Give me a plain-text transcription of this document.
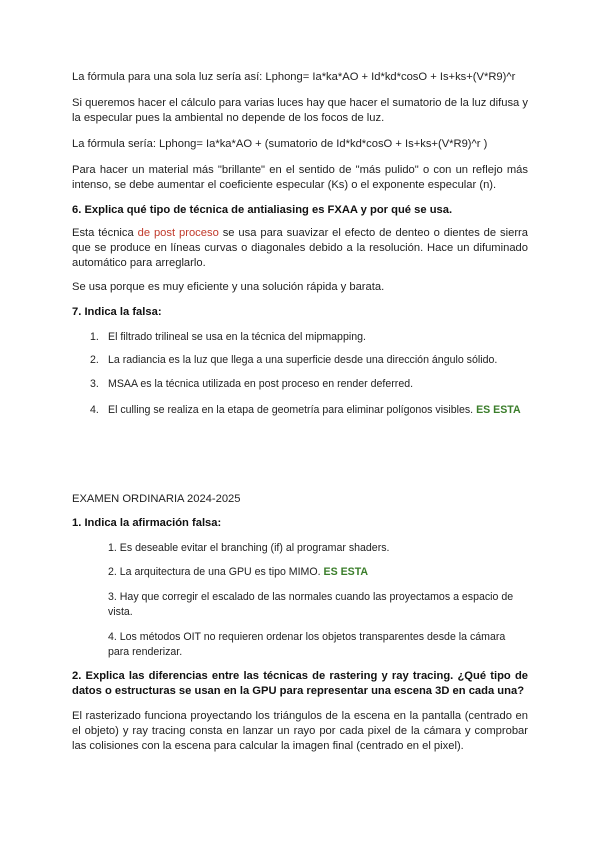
La fórmula para una sola luz sería así: Lphong= Ia*ka*AO + Id*kd*cosO + Is+ks+(V*R9)^r

Si queremos hacer el cálculo para varias luces hay que hacer el sumatorio de la luz difusa y la especular pues la ambiental no depende de los focos de luz.

La fórmula sería: Lphong= Ia*ka*AO + (sumatorio de Id*kd*cosO + Is+ks+(V*R9)^r )

Para hacer un material más "brillante" en el sentido de "más pulido" o con un reflejo más intenso, se debe aumentar el coeficiente especular (Ks) o el exponente especular (n).

6. Explica qué tipo de técnica de antialiasing es FXAA y por qué se usa.

Esta técnica de post proceso se usa para suavizar el efecto de denteo o dientes de sierra que se produce en líneas curvas o diagonales debido a la resolución. Hace un difuminado automático para arreglarlo.

Se usa porque es muy eficiente y una solución rápida y barata.

7. Indica la falsa:

1. El filtrado trilineal se usa en la técnica del mipmapping.
2. La radiancia es la luz que llega a una superficie desde una dirección ángulo sólido.
3. MSAA es la técnica utilizada en post proceso en render deferred.
4. El culling se realiza en la etapa de geometría para eliminar polígonos visibles. ES ESTA

EXAMEN ORDINARIA 2024-2025

1. Indica la afirmación falsa:

1. Es deseable evitar el branching (if) al programar shaders.
2. La arquitectura de una GPU es tipo MIMO. ES ESTA
3. Hay que corregir el escalado de las normales cuando las proyectamos a espacio de vista.
4. Los métodos OIT no requieren ordenar los objetos transparentes desde la cámara para renderizar.

2. Explica las diferencias entre las técnicas de rastering y ray tracing. ¿Qué tipo de datos o estructuras se usan en la GPU para representar una escena 3D en cada una?

El rasterizado funciona proyectando los triángulos de la escena en la pantalla (centrado en el objeto) y ray tracing consta en lanzar un rayo por cada pixel de la cámara y comprobar las colisiones con la escena para calcular la imagen final (centrado en el pixel).
